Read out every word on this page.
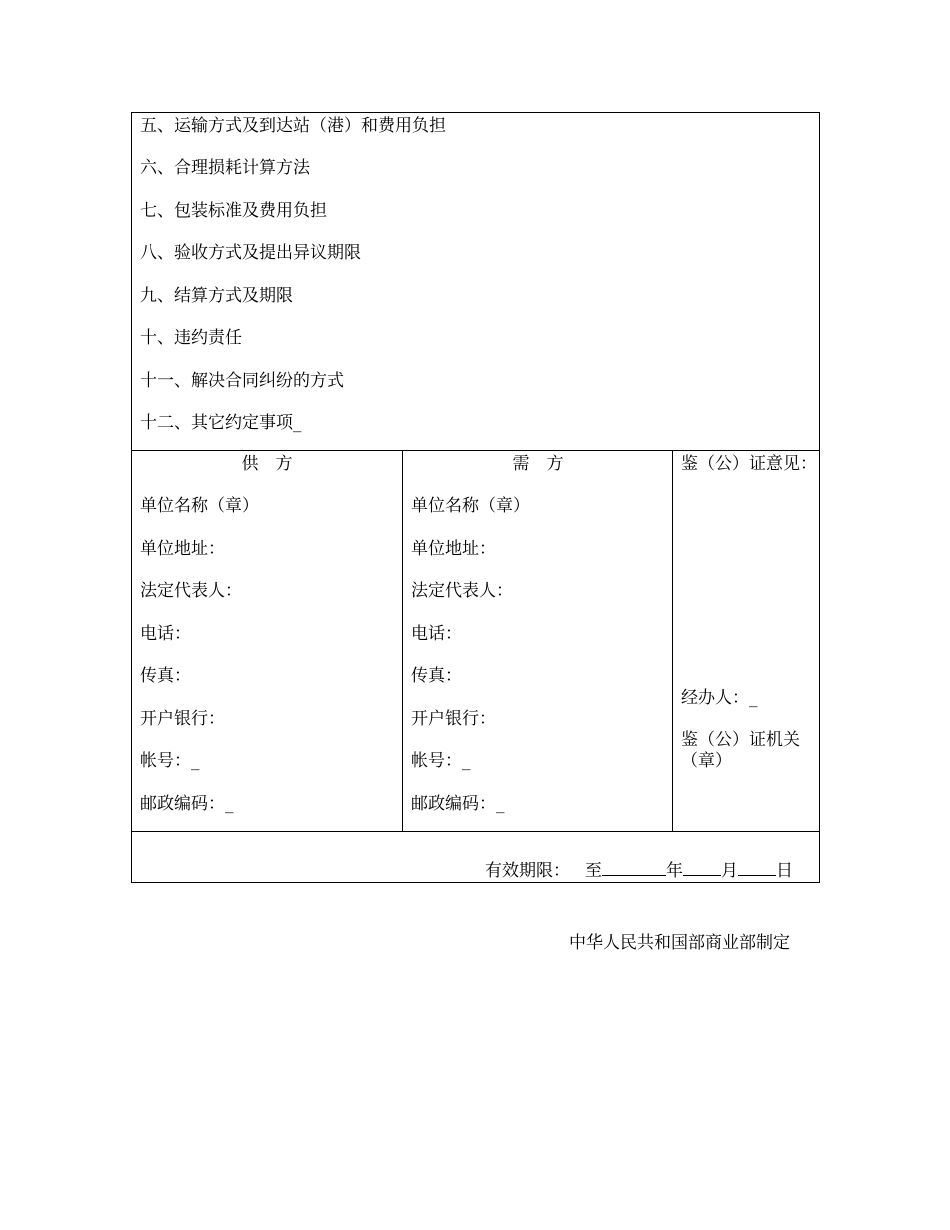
五、运输方式及到达站（港）和费用负担
六、合理损耗计算方法
七、包装标准及费用负担
八、验收方式及提出异议期限
九、结算方式及期限
十、违约责任
十一、解决合同纠纷的方式
十二、其它约定事项_
供　方
单位名称（章）
单位地址：
法定代表人：
电话：
传真：
开户银行：
帐号：_
邮政编码：_
需　方
单位名称（章）
单位地址：
法定代表人：
电话：
传真：
开户银行：
帐号：_
邮政编码：_
鉴（公）证意见：
经办人：_
鉴（公）证机关
（章）
有效期限： 至	年 月 日
中华人民共和国部商业部制定
